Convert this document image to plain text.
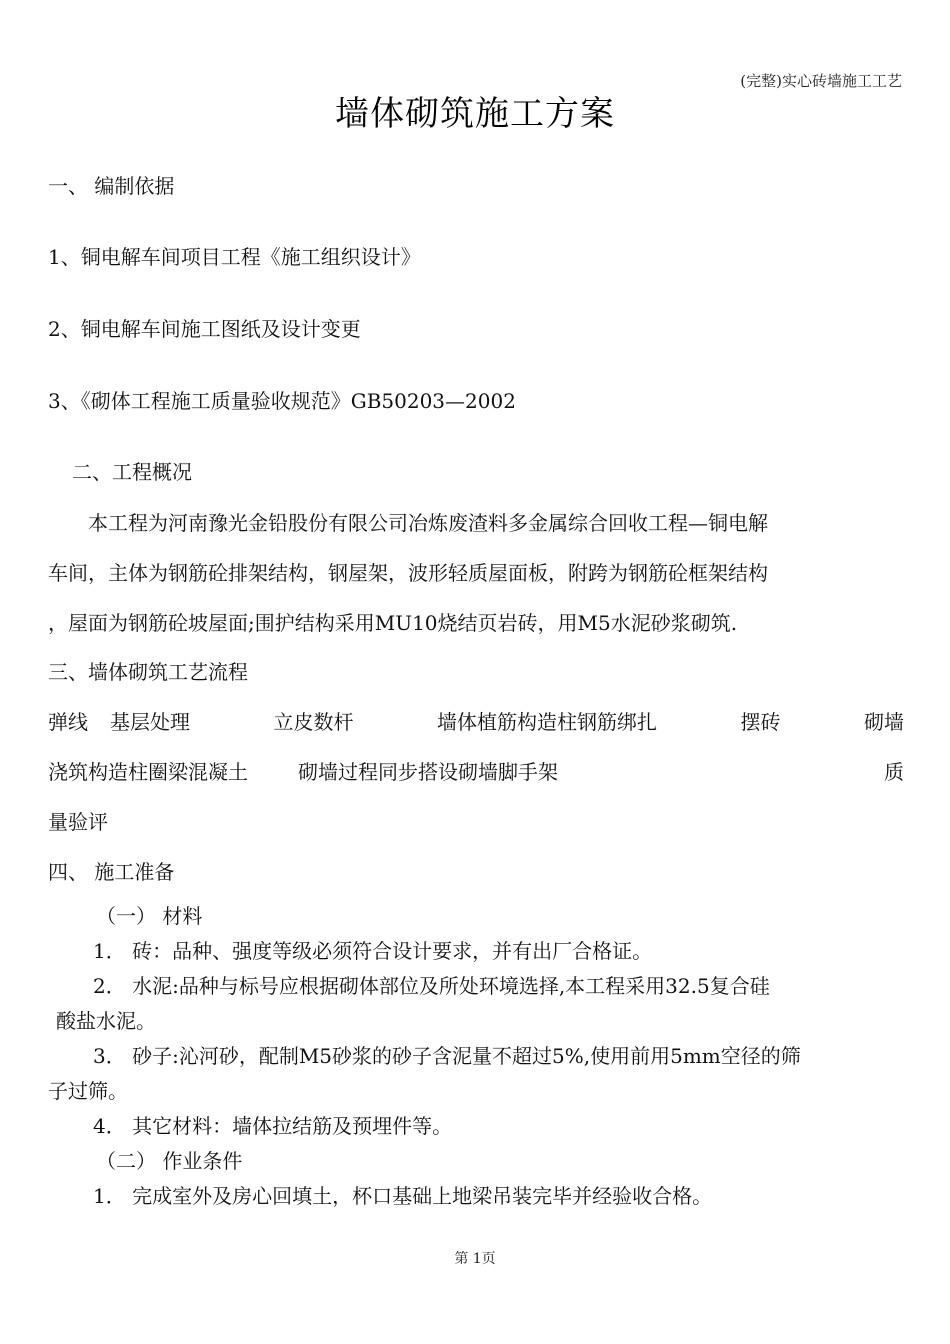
(完整)实心砖墙施工工艺
墙体砌筑施工方案
一、 编制依据
1、铜电解车间项目工程《施工组织设计》
2、铜电解车间施工图纸及设计变更
3、《砌体工程施工质量验收规范》GB50203—2002
二、工程概况
本工程为河南豫光金铅股份有限公司冶炼废渣料多金属综合回收工程—铜电解
车间，主体为钢筋砼排架结构，钢屋架，波形轻质屋面板，附跨为钢筋砼框架结构
，屋面为钢筋砼坡屋面;围护结构采用MU10烧结页岩砖，用M5水泥砂浆砌筑.
三、墙体砌筑工艺流程
弹线 基层处理	立皮数杆	墙体植筋构造柱钢筋绑扎	摆砖	砌墙
浇筑构造柱圈梁混凝土	砌墙过程同步搭设砌墙脚手架	质
量验评
四、 施工准备
（一） 材料
1． 砖：品种、强度等级必须符合设计要求，并有出厂合格证。
2． 水泥:品种与标号应根据砌体部位及所处环境选择,本工程采用32.5复合硅
酸盐水泥。
3． 砂子:沁河砂，配制M5砂浆的砂子含泥量不超过5%,使用前用5mm空径的筛
子过筛。
4． 其它材料：墙体拉结筋及预埋件等。
（二） 作业条件
1． 完成室外及房心回填土，杯口基础上地梁吊装完毕并经验收合格。
第 1页
